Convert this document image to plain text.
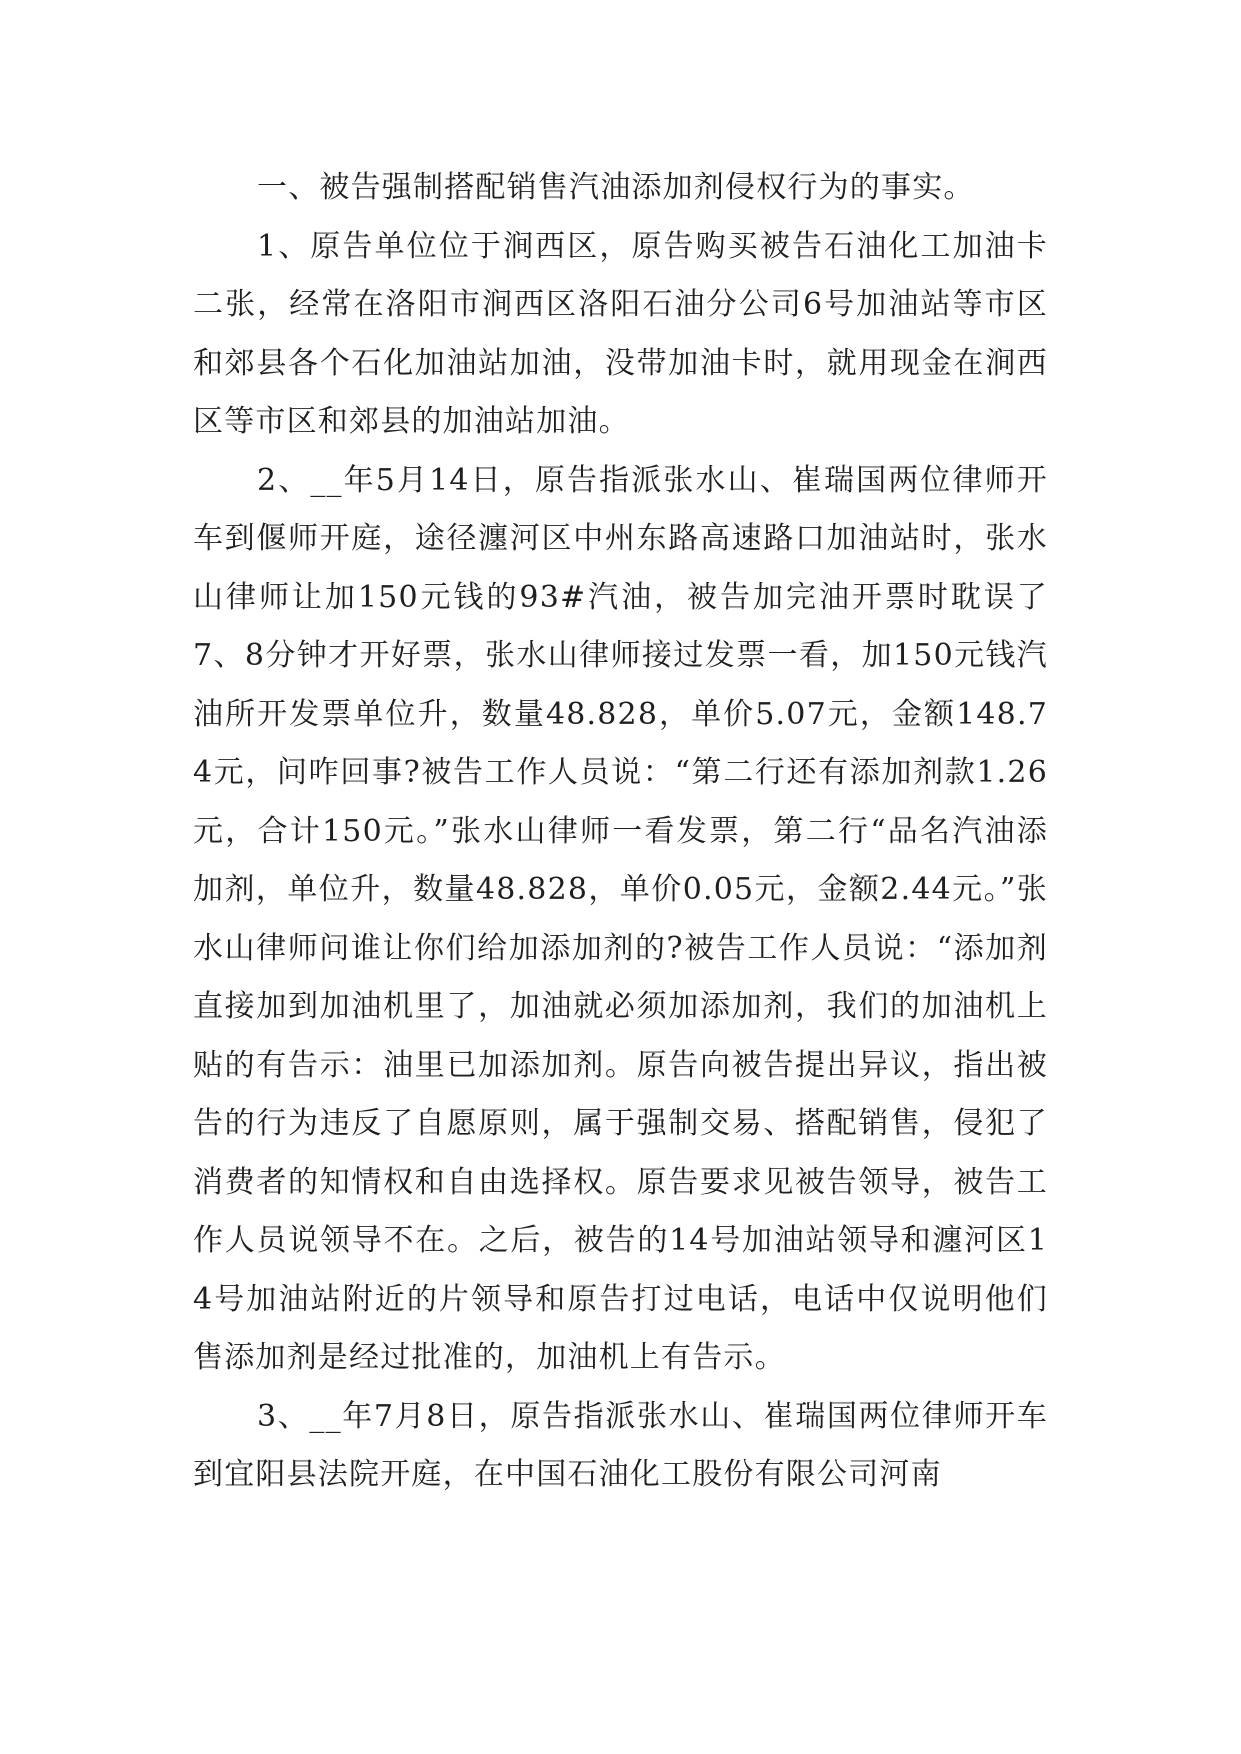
一、被告强制搭配销售汽油添加剂侵权行为的事实。

1、原告单位位于涧西区，原告购买被告石油化工加油卡二张，经常在洛阳市涧西区洛阳石油分公司6号加油站等市区和郊县各个石化加油站加油，没带加油卡时，就用现金在涧西区等市区和郊县的加油站加油。

2、__年5月14日，原告指派张水山、崔瑞国两位律师开车到偃师开庭，途径瀍河区中州东路高速路口加油站时，张水山律师让加150元钱的93#汽油，被告加完油开票时耽误了7、8分钟才开好票，张水山律师接过发票一看，加150元钱汽油所开发票单位升，数量48.828，单价5.07元，金额148.74元，问咋回事?被告工作人员说：“第二行还有添加剂款1.26元，合计150元。”张水山律师一看发票，第二行“品名汽油添加剂，单位升，数量48.828，单价0.05元，金额2.44元。”张水山律师问谁让你们给加添加剂的?被告工作人员说：“添加剂直接加到加油机里了，加油就必须加添加剂，我们的加油机上贴的有告示：油里已加添加剂。原告向被告提出异议，指出被告的行为违反了自愿原则，属于强制交易、搭配销售，侵犯了消费者的知情权和自由选择权。原告要求见被告领导，被告工作人员说领导不在。之后，被告的14号加油站领导和瀍河区14号加油站附近的片领导和原告打过电话，电话中仅说明他们售添加剂是经过批准的，加油机上有告示。

3、__年7月8日，原告指派张水山、崔瑞国两位律师开车到宜阳县法院开庭，在中国石油化工股份有限公司河南
